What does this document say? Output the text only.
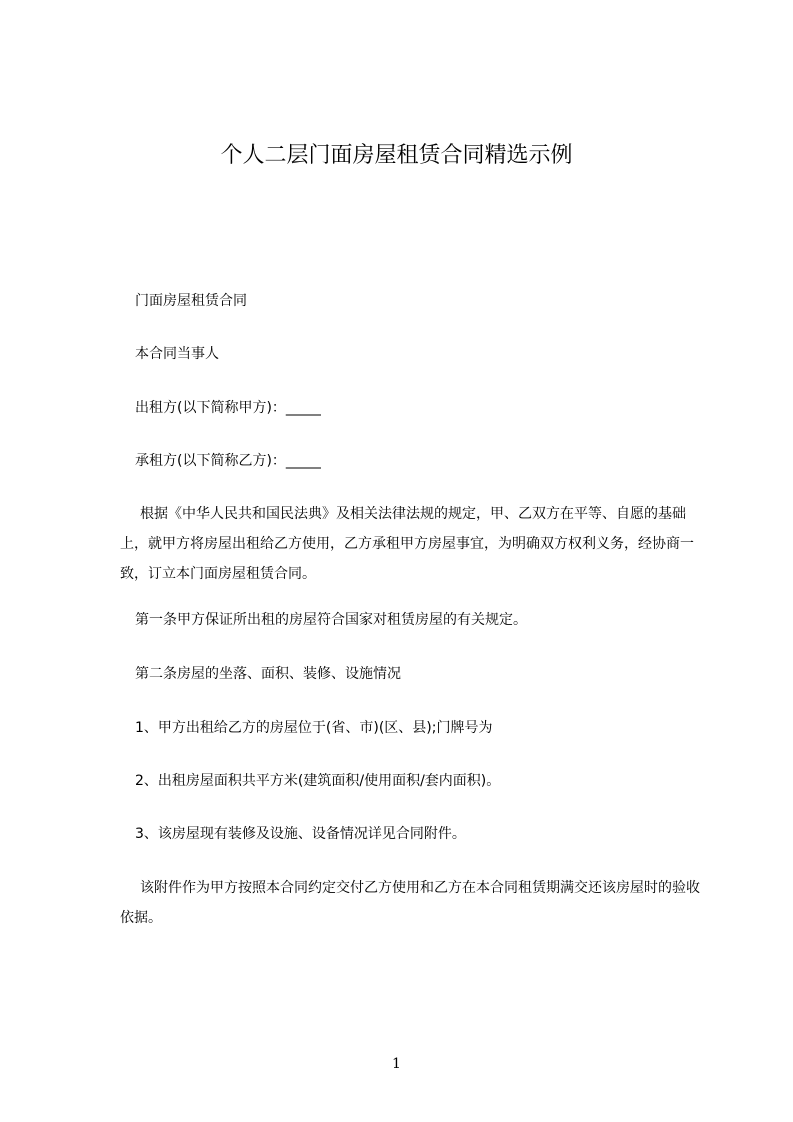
个人二层门面房屋租赁合同精选示例
门面房屋租赁合同
本合同当事人
出租方(以下简称甲方)：_____
承租方(以下简称乙方)：_____
根据《中华人民共和国民法典》及相关法律法规的规定，甲、乙双方在平等、自愿的基础上，就甲方将房屋出租给乙方使用，乙方承租甲方房屋事宜，为明确双方权利义务，经协商一致，订立本门面房屋租赁合同。
第一条甲方保证所出租的房屋符合国家对租赁房屋的有关规定。
第二条房屋的坐落、面积、装修、设施情况
1、甲方出租给乙方的房屋位于(省、市)(区、县);门牌号为
2、出租房屋面积共平方米(建筑面积/使用面积/套内面积)。
3、该房屋现有装修及设施、设备情况详见合同附件。
该附件作为甲方按照本合同约定交付乙方使用和乙方在本合同租赁期满交还该房屋时的验收依据。
1
